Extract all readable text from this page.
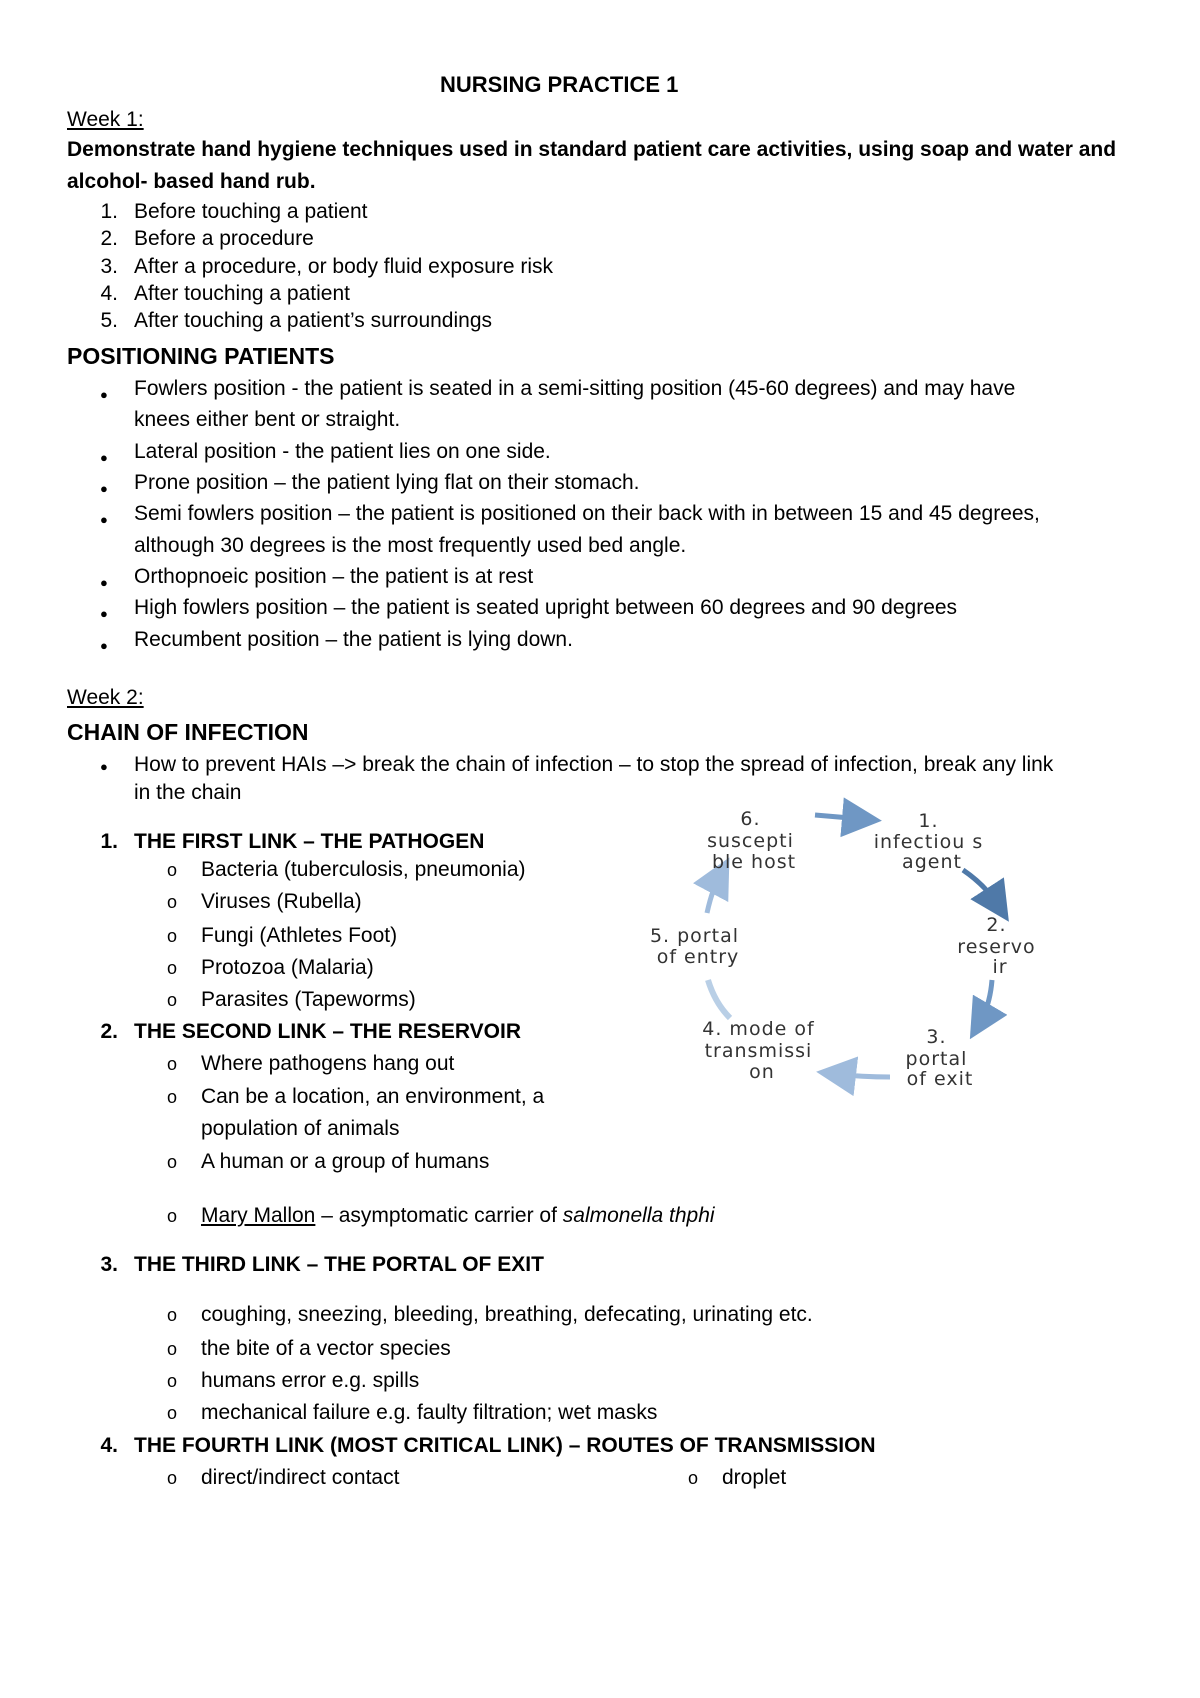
NURSING PRACTICE 1
Week 1:
Demonstrate hand hygiene techniques used in standard patient care activities, using soap and water and
alcohol- based hand rub.
1. Before touching a patient
2. Before a procedure
3. After a procedure, or body fluid exposure risk
4. After touching a patient
5. After touching a patient’s surroundings
POSITIONING PATIENTS
● Fowlers position - the patient is seated in a semi-sitting position (45-60 degrees) and may have
knees either bent or straight.
● Lateral position - the patient lies on one side.
● Prone position – the patient lying flat on their stomach.
● Semi fowlers position – the patient is positioned on their back with in between 15 and 45 degrees,
although 30 degrees is the most frequently used bed angle.
● Orthopnoeic position – the patient is at rest
● High fowlers position – the patient is seated upright between 60 degrees and 90 degrees
● Recumbent position – the patient is lying down.
Week 2:
CHAIN OF INFECTION
● How to prevent HAIs –> break the chain of infection – to stop the spread of infection, break any link
in the chain
1. THE FIRST LINK – THE PATHOGEN
o Bacteria (tuberculosis, pneumonia)
o Viruses (Rubella)
o Fungi (Athletes Foot)
o Protozoa (Malaria)
o Parasites (Tapeworms)
2. THE SECOND LINK – THE RESERVOIR
o Where pathogens hang out
o Can be a location, an environment, a
population of animals
o A human or a group of humans
o Mary Mallon – asymptomatic carrier of salmonella thphi
3. THE THIRD LINK – THE PORTAL OF EXIT
o coughing, sneezing, bleeding, breathing, defecating, urinating etc.
o the bite of a vector species
o humans error e.g. spills
o mechanical failure e.g. faulty filtration; wet masks
4. THE FOURTH LINK (MOST CRITICAL LINK) – ROUTES OF TRANSMISSION
o direct/indirect contact	o droplet
6. suscepti ble host
1. infectiou s agent
2. reservo ir
5. portal of entry
4. mode of transmissi on
3. portal of exit
